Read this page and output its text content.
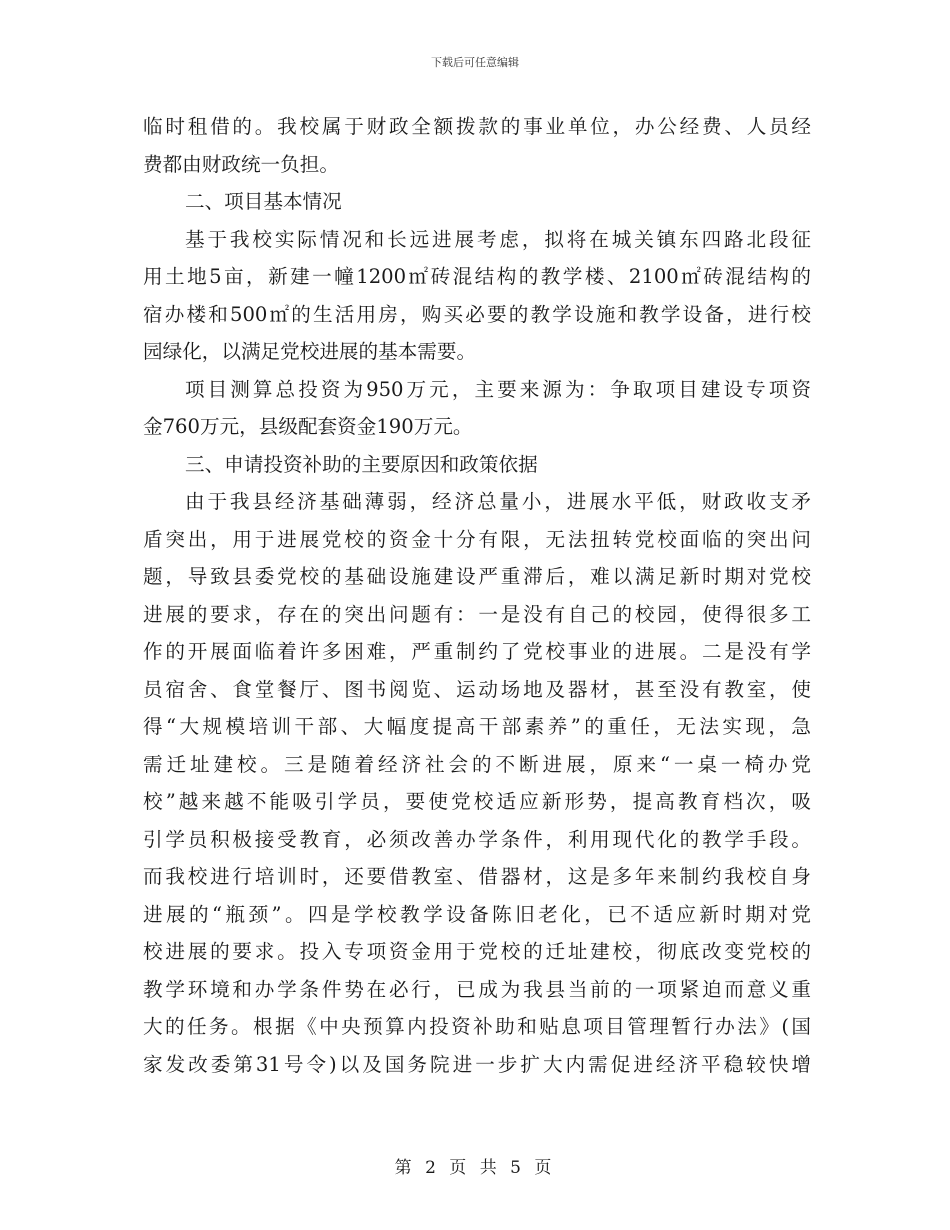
下载后可任意编辑
临时租借的。我校属于财政全额拨款的事业单位，办公经费、人员经
费都由财政统一负担。
二、项目基本情况
基于我校实际情况和长远进展考虑，拟将在城关镇东四路北段征
用土地5亩，新建一幢1200㎡砖混结构的教学楼、2100㎡砖混结构的
宿办楼和500㎡的生活用房，购买必要的教学设施和教学设备，进行校
园绿化，以满足党校进展的基本需要。
项目测算总投资为950万元，主要来源为：争取项目建设专项资
金760万元，县级配套资金190万元。
三、申请投资补助的主要原因和政策依据
由于我县经济基础薄弱，经济总量小，进展水平低，财政收支矛
盾突出，用于进展党校的资金十分有限，无法扭转党校面临的突出问
题，导致县委党校的基础设施建设严重滞后，难以满足新时期对党校
进展的要求，存在的突出问题有：一是没有自己的校园，使得很多工
作的开展面临着许多困难，严重制约了党校事业的进展。二是没有学
员宿舍、食堂餐厅、图书阅览、运动场地及器材，甚至没有教室，使
得“大规模培训干部、大幅度提高干部素养”的重任，无法实现，急
需迁址建校。三是随着经济社会的不断进展，原来“一桌一椅办党
校”越来越不能吸引学员，要使党校适应新形势，提高教育档次，吸
引学员积极接受教育，必须改善办学条件，利用现代化的教学手段。
而我校进行培训时，还要借教室、借器材，这是多年来制约我校自身
进展的“瓶颈”。四是学校教学设备陈旧老化，已不适应新时期对党
校进展的要求。投入专项资金用于党校的迁址建校，彻底改变党校的
教学环境和办学条件势在必行，已成为我县当前的一项紧迫而意义重
大的任务。根据《中央预算内投资补助和贴息项目管理暂行办法》(国
家发改委第31号令)以及国务院进一步扩大内需促进经济平稳较快增
第 2 页 共 5 页
